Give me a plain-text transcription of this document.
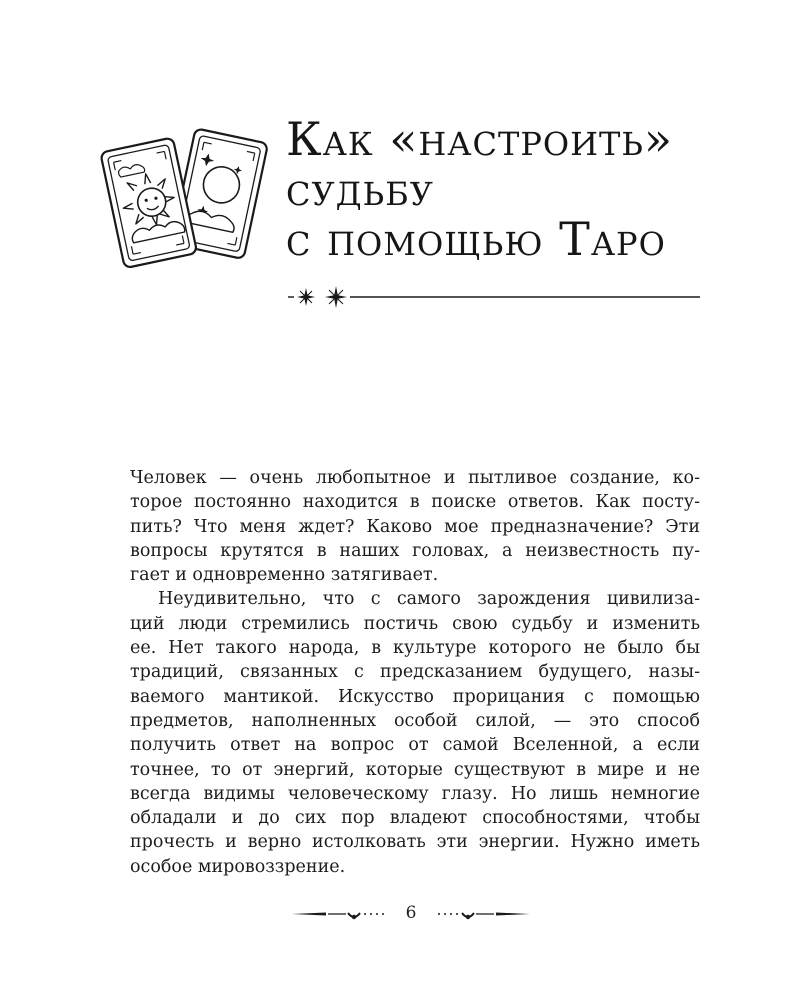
Как «настроить»
судьбу
с помощью Таро
Человек — очень любопытное и пытливое создание, ко-
торое постоянно находится в поиске ответов. Как посту-
пить? Что меня ждет? Каково мое предназначение? Эти
вопросы крутятся в наших головах, а неизвестность пу-
гает и одновременно затягивает.
Неудивительно, что с самого зарождения цивилиза-
ций люди стремились постичь свою судьбу и изменить
ее. Нет такого народа, в культуре которого не было бы
традиций, связанных с предсказанием будущего, назы-
ваемого мантикой. Искусство прорицания с помощью
предметов, наполненных особой силой, — это способ
получить ответ на вопрос от самой Вселенной, а если
точнее, то от энергий, которые существуют в мире и не
всегда видимы человеческому глазу. Но лишь немногие
обладали и до сих пор владеют способностями, чтобы
прочесть и верно истолковать эти энергии. Нужно иметь
особое мировоззрение.
6
